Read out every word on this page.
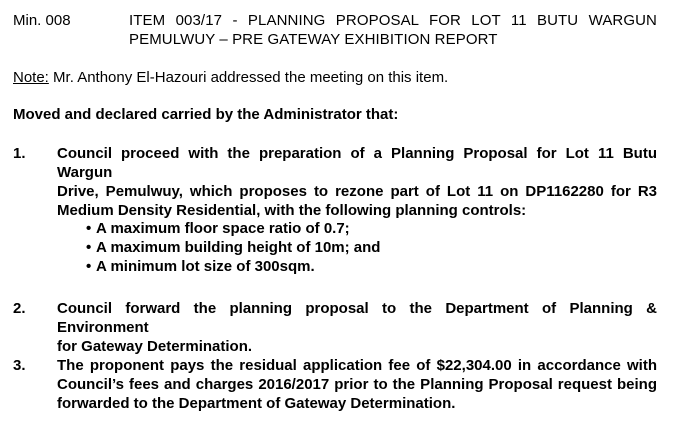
Min. 008	ITEM 003/17 - PLANNING PROPOSAL FOR LOT 11 BUTU WARGUN
PEMULWUY – PRE GATEWAY EXHIBITION REPORT
Note: Mr. Anthony El-Hazouri addressed the meeting on this item.
Moved and declared carried by the Administrator that:
1. Council proceed with the preparation of a Planning Proposal for Lot 11 Butu Wargun
Drive, Pemulwuy, which proposes to rezone part of Lot 11 on DP1162280 for R3
Medium Density Residential, with the following planning controls:
• A maximum floor space ratio of 0.7;
• A maximum building height of 10m; and
• A minimum lot size of 300sqm.
2. Council forward the planning proposal to the Department of Planning & Environment
for Gateway Determination.
3. The proponent pays the residual application fee of $22,304.00 in accordance with
Council’s fees and charges 2016/2017 prior to the Planning Proposal request being
forwarded to the Department of Gateway Determination.
